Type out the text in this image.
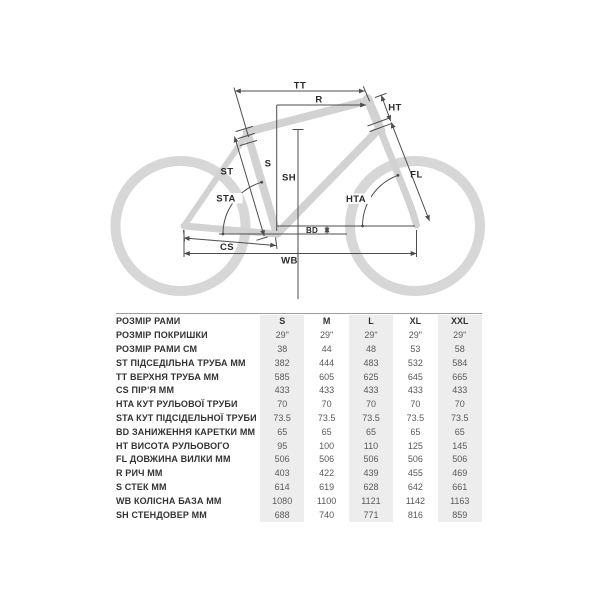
TT
R
HT
ST
S
SH
STA	HTA
FL
BD
CS
WB
РОЗМІР РАМИ	S	M	L	XL	XXL
РОЗМІР ПОКРИШКИ	29"	29"	29"	29"	29"
РОЗМІР РАМИ СМ	38	44	48	53	58
ST ПІДСЕДІЛЬНА ТРУБА ММ	382	444	483	532	584
TT ВЕРХНЯ ТРУБА ММ	585	605	625	645	665
CS ПІР’Я ММ	433	433	433	433	433
HTA КУТ РУЛЬОВОЇ ТРУБИ	70	70	70	70	70
STA КУТ ПІДСІДЕЛЬНОЇ ТРУБИ	73.5	73.5	73.5	73.5	73.5
BD ЗАНИЖЕННЯ КАРЕТКИ ММ	65	65	65	65	65
HT ВИСОТА РУЛЬОВОГО	95	100	110	125	145
FL ДОВЖИНА ВИЛКИ ММ	506	506	506	506	506
R РИЧ ММ	403	422	439	455	469
S СТЕК ММ	614	619	628	642	661
WB КОЛІСНА БАЗА ММ	1080	1100	1121	1142	1163
SH СТЕНДОВЕР ММ	688	740	771	816	859
